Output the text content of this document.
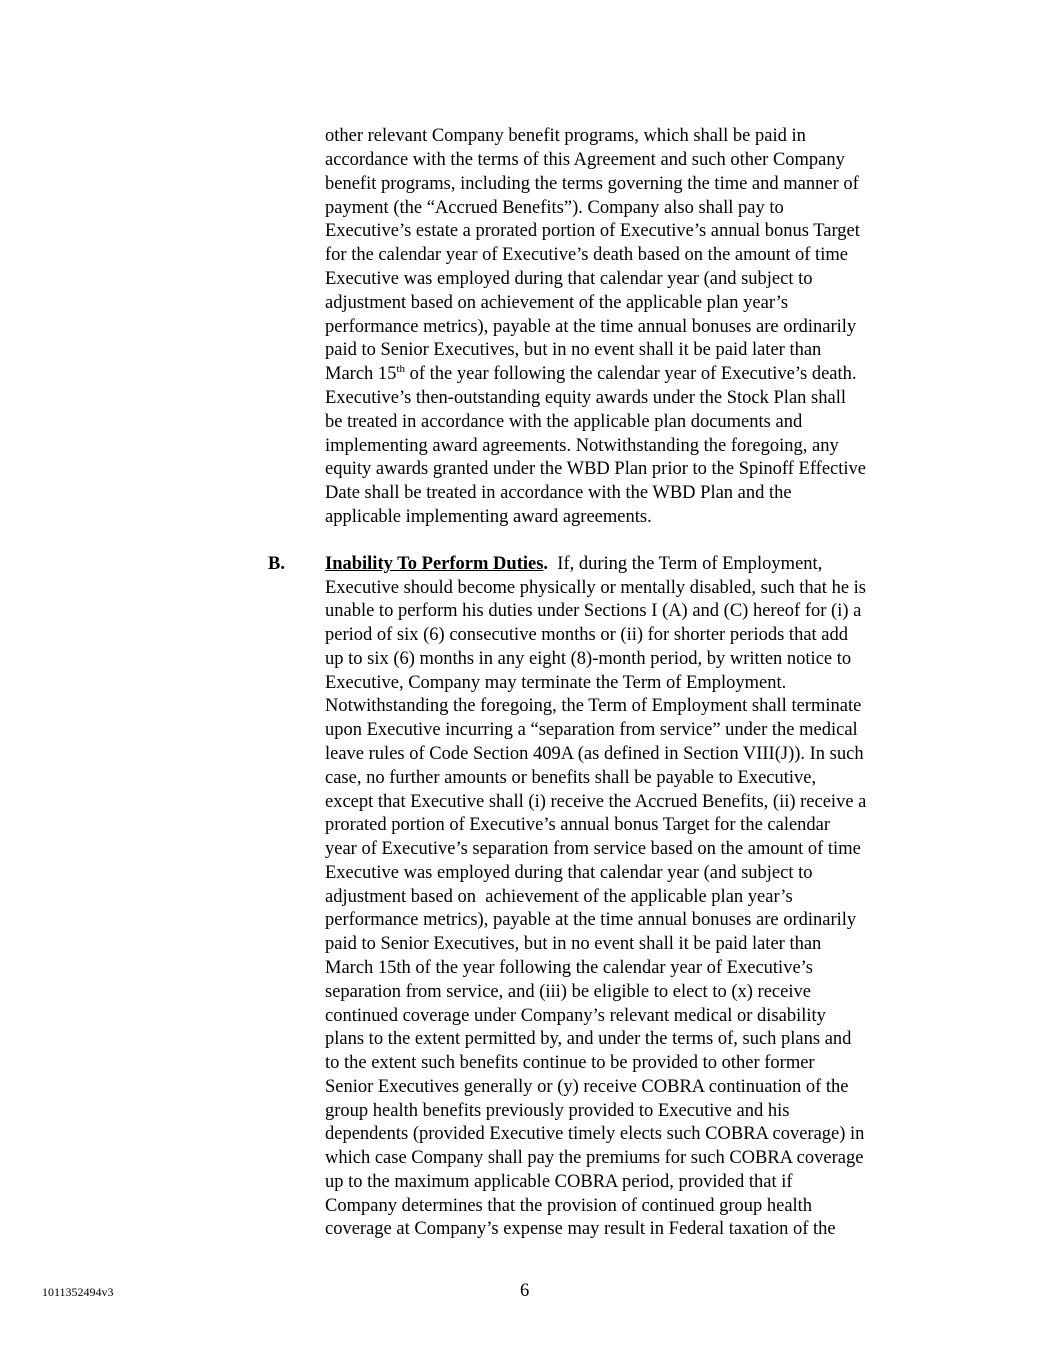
other relevant Company benefit programs, which shall be paid in
accordance with the terms of this Agreement and such other Company
benefit programs, including the terms governing the time and manner of
payment (the “Accrued Benefits”). Company also shall pay to
Executive’s estate a prorated portion of Executive’s annual bonus Target
for the calendar year of Executive’s death based on the amount of time
Executive was employed during that calendar year (and subject to
adjustment based on achievement of the applicable plan year’s
performance metrics), payable at the time annual bonuses are ordinarily
paid to Senior Executives, but in no event shall it be paid later than
March 15th of the year following the calendar year of Executive’s death.
Executive’s then-outstanding equity awards under the Stock Plan shall
be treated in accordance with the applicable plan documents and
implementing award agreements. Notwithstanding the foregoing, any
equity awards granted under the WBD Plan prior to the Spinoff Effective
Date shall be treated in accordance with the WBD Plan and the
applicable implementing award agreements.
B. Inability To Perform Duties.  If, during the Term of Employment,
Executive should become physically or mentally disabled, such that he is
unable to perform his duties under Sections I (A) and (C) hereof for (i) a
period of six (6) consecutive months or (ii) for shorter periods that add
up to six (6) months in any eight (8)-month period, by written notice to
Executive, Company may terminate the Term of Employment.
Notwithstanding the foregoing, the Term of Employment shall terminate
upon Executive incurring a “separation from service” under the medical
leave rules of Code Section 409A (as defined in Section VIII(J)). In such
case, no further amounts or benefits shall be payable to Executive,
except that Executive shall (i) receive the Accrued Benefits, (ii) receive a
prorated portion of Executive’s annual bonus Target for the calendar
year of Executive’s separation from service based on the amount of time
Executive was employed during that calendar year (and subject to
adjustment based on  achievement of the applicable plan year’s
performance metrics), payable at the time annual bonuses are ordinarily
paid to Senior Executives, but in no event shall it be paid later than
March 15th of the year following the calendar year of Executive’s
separation from service, and (iii) be eligible to elect to (x) receive
continued coverage under Company’s relevant medical or disability
plans to the extent permitted by, and under the terms of, such plans and
to the extent such benefits continue to be provided to other former
Senior Executives generally or (y) receive COBRA continuation of the
group health benefits previously provided to Executive and his
dependents (provided Executive timely elects such COBRA coverage) in
which case Company shall pay the premiums for such COBRA coverage
up to the maximum applicable COBRA period, provided that if
Company determines that the provision of continued group health
coverage at Company’s expense may result in Federal taxation of the
1011352494v3	6
